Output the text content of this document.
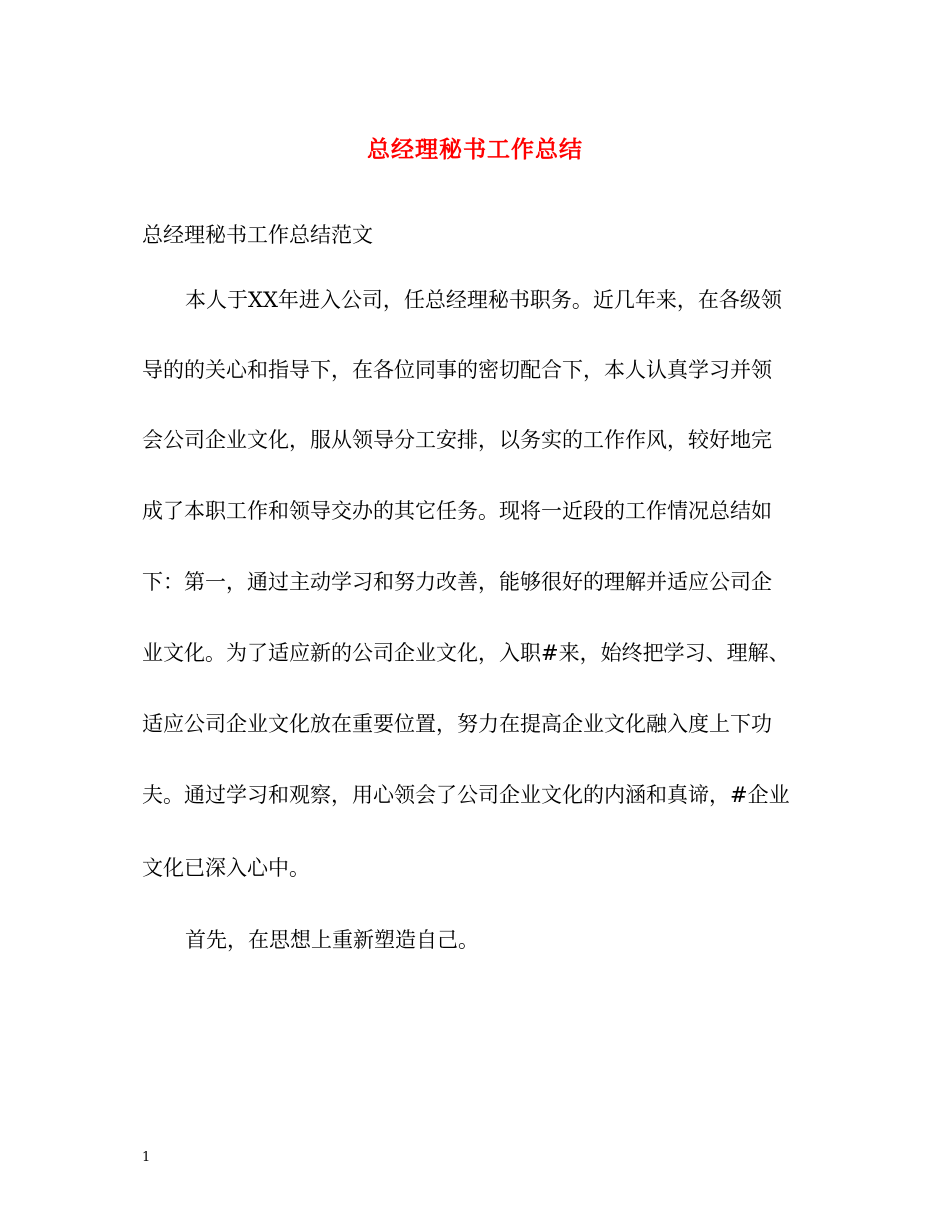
总经理秘书工作总结
总经理秘书工作总结范文
本人于XX年进入公司，任总经理秘书职务。近几年来，在各级领
导的的关心和指导下，在各位同事的密切配合下，本人认真学习并领
会公司企业文化，服从领导分工安排，以务实的工作作风，较好地完
成了本职工作和领导交办的其它任务。现将一近段的工作情况总结如
下：第一，通过主动学习和努力改善，能够很好的理解并适应公司企
业文化。为了适应新的公司企业文化，入职#来，始终把学习、理解、
适应公司企业文化放在重要位置，努力在提高企业文化融入度上下功
夫。通过学习和观察，用心领会了公司企业文化的内涵和真谛，#企业
文化已深入心中。
首先，在思想上重新塑造自己。
1
